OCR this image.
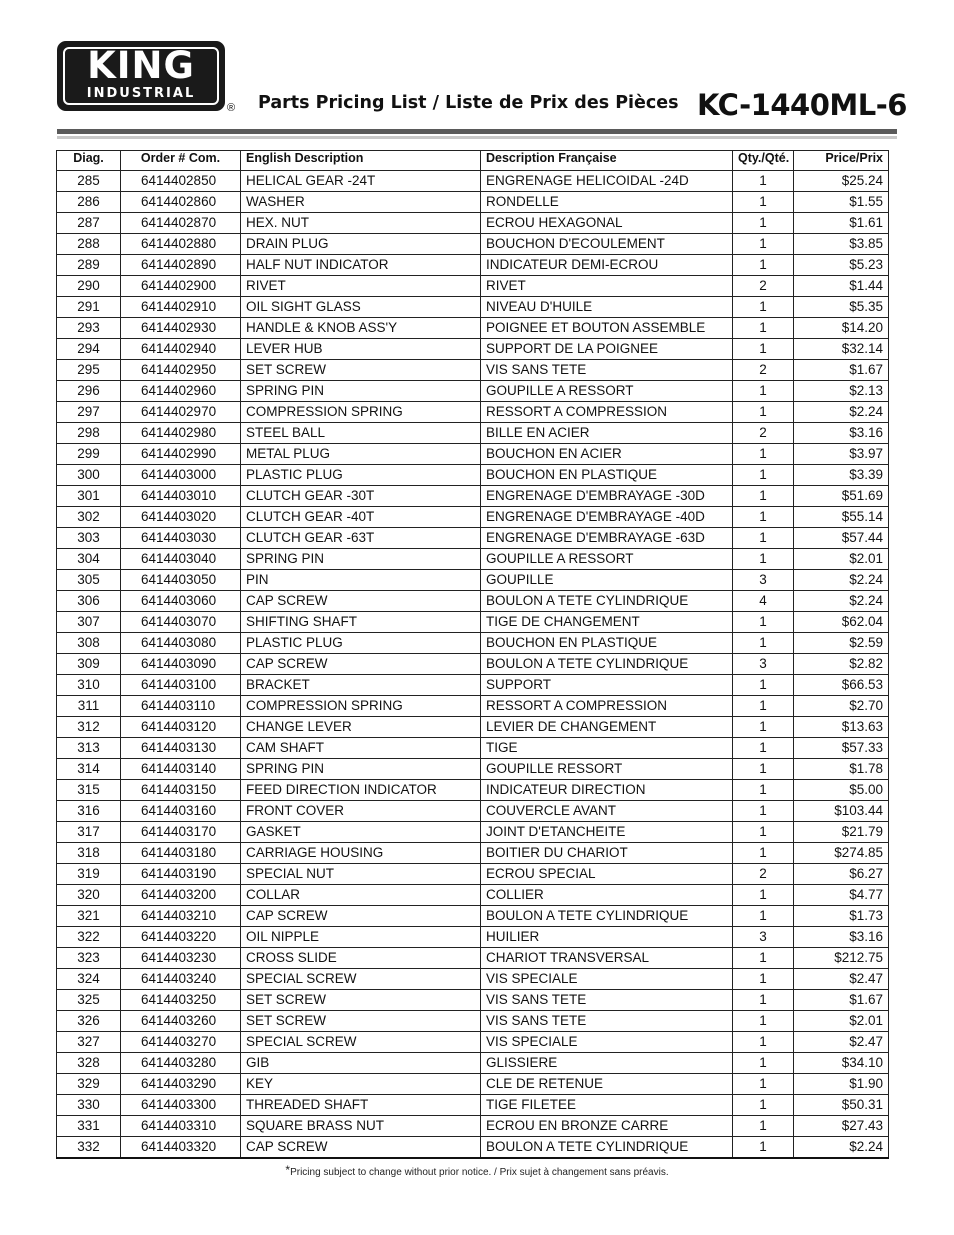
KING
INDUSTRIAL
® Parts Pricing List / Liste de Prix des Pièces KC-1440ML-6
Diag.	Order # Com.	English Description	Description Française	Qty./Qté.	Price/Prix
285	6414402850	HELICAL GEAR -24T	ENGRENAGE HELICOIDAL -24D	1	$25.24
286	6414402860	WASHER	RONDELLE	1	$1.55
287	6414402870	HEX. NUT	ECROU HEXAGONAL	1	$1.61
288	6414402880	DRAIN PLUG	BOUCHON D'ECOULEMENT	1	$3.85
289	6414402890	HALF NUT INDICATOR	INDICATEUR DEMI-ECROU	1	$5.23
290	6414402900	RIVET	RIVET	2	$1.44
291	6414402910	OIL SIGHT GLASS	NIVEAU D'HUILE	1	$5.35
293	6414402930	HANDLE & KNOB ASS'Y	POIGNEE ET BOUTON ASSEMBLE	1	$14.20
294	6414402940	LEVER HUB	SUPPORT DE LA POIGNEE	1	$32.14
295	6414402950	SET SCREW	VIS SANS TETE	2	$1.67
296	6414402960	SPRING PIN	GOUPILLE A RESSORT	1	$2.13
297	6414402970	COMPRESSION SPRING	RESSORT A COMPRESSION	1	$2.24
298	6414402980	STEEL BALL	BILLE EN ACIER	2	$3.16
299	6414402990	METAL PLUG	BOUCHON EN ACIER	1	$3.97
300	6414403000	PLASTIC PLUG	BOUCHON EN PLASTIQUE	1	$3.39
301	6414403010	CLUTCH GEAR -30T	ENGRENAGE D'EMBRAYAGE -30D	1	$51.69
302	6414403020	CLUTCH GEAR -40T	ENGRENAGE D'EMBRAYAGE -40D	1	$55.14
303	6414403030	CLUTCH GEAR -63T	ENGRENAGE D'EMBRAYAGE -63D	1	$57.44
304	6414403040	SPRING PIN	GOUPILLE A RESSORT	1	$2.01
305	6414403050	PIN	GOUPILLE	3	$2.24
306	6414403060	CAP SCREW	BOULON A TETE CYLINDRIQUE	4	$2.24
307	6414403070	SHIFTING SHAFT	TIGE DE CHANGEMENT	1	$62.04
308	6414403080	PLASTIC PLUG	BOUCHON EN PLASTIQUE	1	$2.59
309	6414403090	CAP SCREW	BOULON A TETE CYLINDRIQUE	3	$2.82
310	6414403100	BRACKET	SUPPORT	1	$66.53
311	6414403110	COMPRESSION SPRING	RESSORT A COMPRESSION	1	$2.70
312	6414403120	CHANGE LEVER	LEVIER DE CHANGEMENT	1	$13.63
313	6414403130	CAM SHAFT	TIGE	1	$57.33
314	6414403140	SPRING PIN	GOUPILLE RESSORT	1	$1.78
315	6414403150	FEED DIRECTION INDICATOR	INDICATEUR DIRECTION	1	$5.00
316	6414403160	FRONT COVER	COUVERCLE AVANT	1	$103.44
317	6414403170	GASKET	JOINT D'ETANCHEITE	1	$21.79
318	6414403180	CARRIAGE HOUSING	BOITIER DU CHARIOT	1	$274.85
319	6414403190	SPECIAL NUT	ECROU SPECIAL	2	$6.27
320	6414403200	COLLAR	COLLIER	1	$4.77
321	6414403210	CAP SCREW	BOULON A TETE CYLINDRIQUE	1	$1.73
322	6414403220	OIL NIPPLE	HUILIER	3	$3.16
323	6414403230	CROSS SLIDE	CHARIOT TRANSVERSAL	1	$212.75
324	6414403240	SPECIAL SCREW	VIS SPECIALE	1	$2.47
325	6414403250	SET SCREW	VIS SANS TETE	1	$1.67
326	6414403260	SET SCREW	VIS SANS TETE	1	$2.01
327	6414403270	SPECIAL SCREW	VIS SPECIALE	1	$2.47
328	6414403280	GIB	GLISSIERE	1	$34.10
329	6414403290	KEY	CLE DE RETENUE	1	$1.90
330	6414403300	THREADED SHAFT	TIGE FILETEE	1	$50.31
331	6414403310	SQUARE BRASS NUT	ECROU EN BRONZE CARRE	1	$27.43
332	6414403320	CAP SCREW	BOULON A TETE CYLINDRIQUE	1	$2.24
*Pricing subject to change without prior notice. / Prix sujet à changement sans préavis.
